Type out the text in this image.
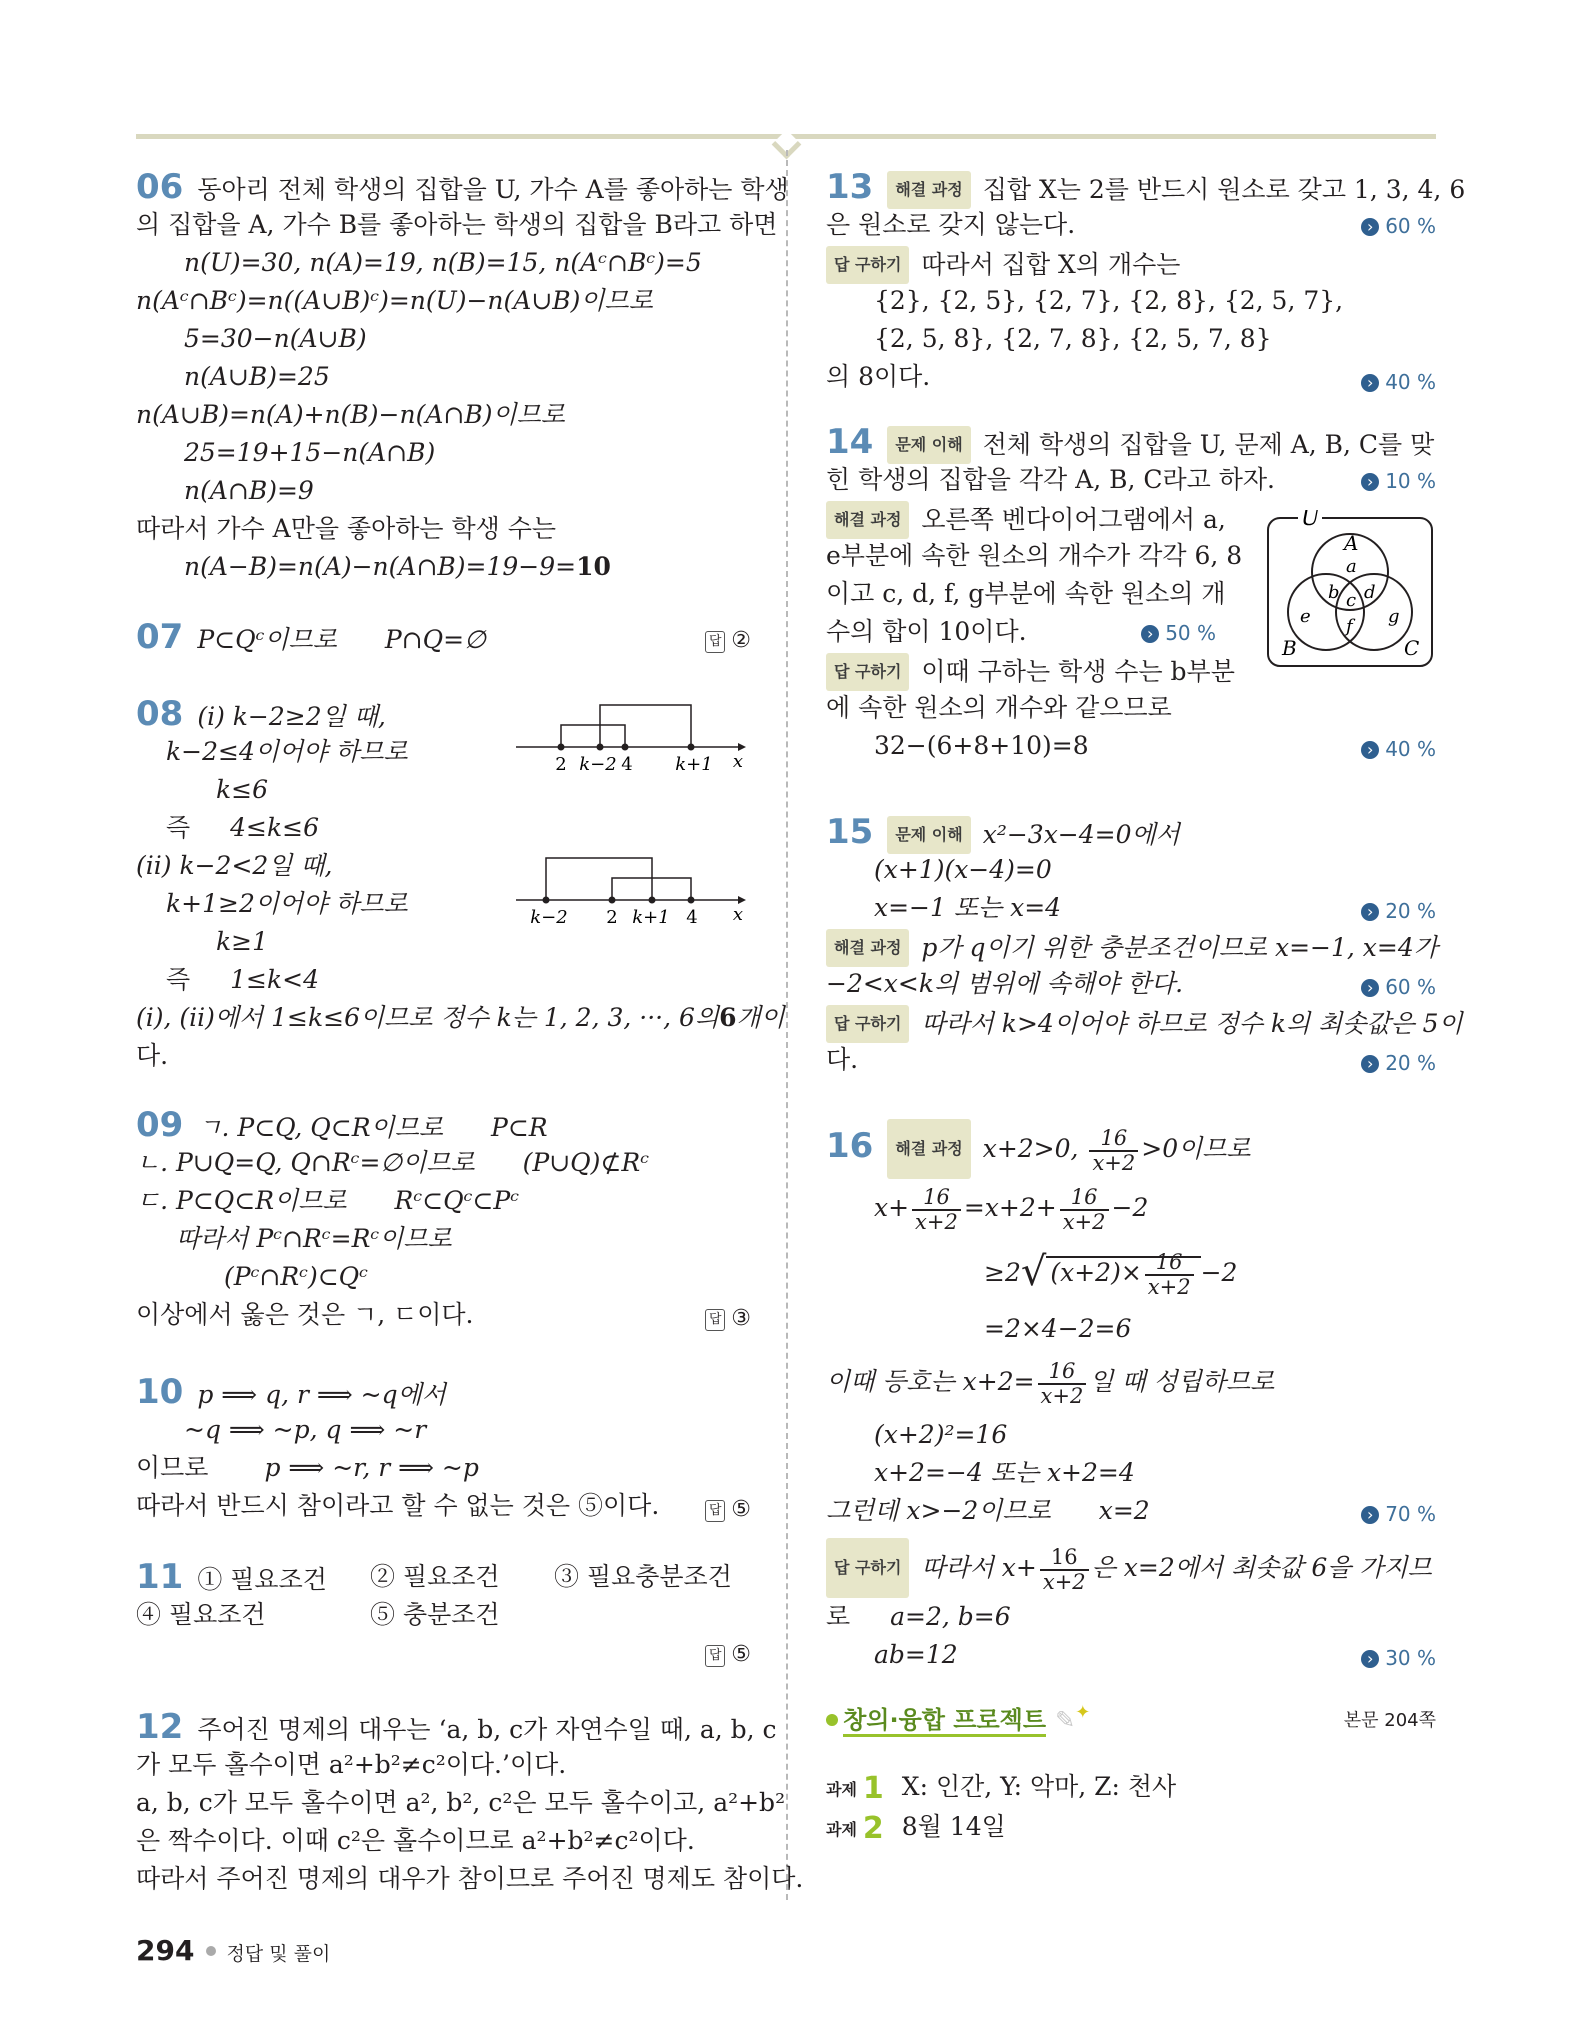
06 동아리 전체 학생의 집합을 U, 가수 A를 좋아하는 학생
의 집합을 A, 가수 B를 좋아하는 학생의 집합을 B라고 하면
n(U)=30, n(A)=19, n(B)=15, n(Aᶜ∩Bᶜ)=5
n(Aᶜ∩Bᶜ)=n((A∪B)ᶜ)=n(U)−n(A∪B)이므로
5=30−n(A∪B)
n(A∪B)=25
n(A∪B)=n(A)+n(B)−n(A∩B)이므로
25=19+15−n(A∩B)
n(A∩B)=9
따라서 가수 A만을 좋아하는 학생 수는
n(A−B)=n(A)−n(A∩B)=19−9=10
07 P⊂Qᶜ이므로 P∩Q=∅	답 ②
08 (i) k−2≥2일 때,
k−2≤4이어야 하므로
k≤6
즉 4≤k≤6
(ii) k−2<2일 때,
k+1≥2이어야 하므로
k≥1
즉 1≤k<4
(i), (ii)에서 1≤k≤6이므로 정수 k는 1, 2, 3, ···, 6의6개이
다.
2 k−2 4 k+1 x
k−2 2 k+1 4 x
09 ㄱ. P⊂Q, Q⊂R이므로 P⊂R
ㄴ. P∪Q=Q, Q∩Rᶜ=∅이므로 (P∪Q)⊄Rᶜ
ㄷ. P⊂Q⊂R이므로 Rᶜ⊂Qᶜ⊂Pᶜ
따라서 Pᶜ∩Rᶜ=Rᶜ이므로
(Pᶜ∩Rᶜ)⊂Qᶜ
이상에서 옳은 것은 ㄱ, ㄷ이다.	답 ③
10 p ⟹ q, r ⟹ ~q에서
~q ⟹ ~p, q ⟹ ~r
이므로 p ⟹ ~r, r ⟹ ~p
따라서 반드시 참이라고 할 수 없는 것은 ⑤이다.	답 ⑤
11 ① 필요조건 ② 필요조건 ③ 필요충분조건
④ 필요조건	⑤ 충분조건
답 ⑤
12 주어진 명제의 대우는 ‘a, b, c가 자연수일 때, a, b, c
가 모두 홀수이면 a²+b²≠c²이다.’이다.
a, b, c가 모두 홀수이면 a², b², c²은 모두 홀수이고, a²+b²
은 짝수이다. 이때 c²은 홀수이므로 a²+b²≠c²이다.
따라서 주어진 명제의 대우가 참이므로 주어진 명제도 참이다.
13 해결 과정 집합 X는 2를 반드시 원소로 갖고 1, 3, 4, 6
은 원소로 갖지 않는다.	› 60 %
답 구하기 따라서 집합 X의 개수는
{2}, {2, 5}, {2, 7}, {2, 8}, {2, 5, 7},
{2, 5, 8}, {2, 7, 8}, {2, 5, 7, 8}
의 8이다.	› 40 %
14 문제 이해 전체 학생의 집합을 U, 문제 A, B, C를 맞
힌 학생의 집합을 각각 A, B, C라고 하자.	› 10 %
해결 과정 오른쪽 벤다이어그램에서 a,
e부분에 속한 원소의 개수가 각각 6, 8
이고 c, d, f, g부분에 속한 원소의 개
수의 합이 10이다.	› 50 %
답 구하기 이때 구하는 학생 수는 b부분
에 속한 원소의 개수와 같으므로
32−(6+8+10)=8	› 40 %
U
A
a
b c d
e f g
B	C
15 문제 이해 x²−3x−4=0에서
(x+1)(x−4)=0
x=−1 또는 x=4	› 20 %
해결 과정 p가 q이기 위한 충분조건이므로 x=−1, x=4가
−2<x<k의 범위에 속해야 한다.	› 60 %
답 구하기 따라서 k>4이어야 하므로 정수 k의 최솟값은 5이
다.	› 20 %
16 해결 과정 x+2>0, $\frac{16}{x+2} >0$이므로
$x+ \frac{16}{x+2} =x+2+ \frac{16}{x+2} -2$
≥2√ $(x+2)\times \frac{16}{x+2} -2$
=2×4−2=6
이때 등호는 $x+2= \frac{16}{x+2}$ 일 때 성립하므로
(x+2)²=16
x+2=−4 또는 x+2=4
그런데 x>−2이므로 x=2	› 70 %
답 구하기 따라서 $x+ \frac{16}{x+2}$ 은 x=2에서 최솟값 6을 가지므
로 a=2, b=6
ab=12	› 30 %
창의·융합 프로젝트 ✎✦	본문 204쪽
과제 1 X: 인간, Y: 악마, Z: 천사
과제 2 8월 14일
294 정답 및 풀이
